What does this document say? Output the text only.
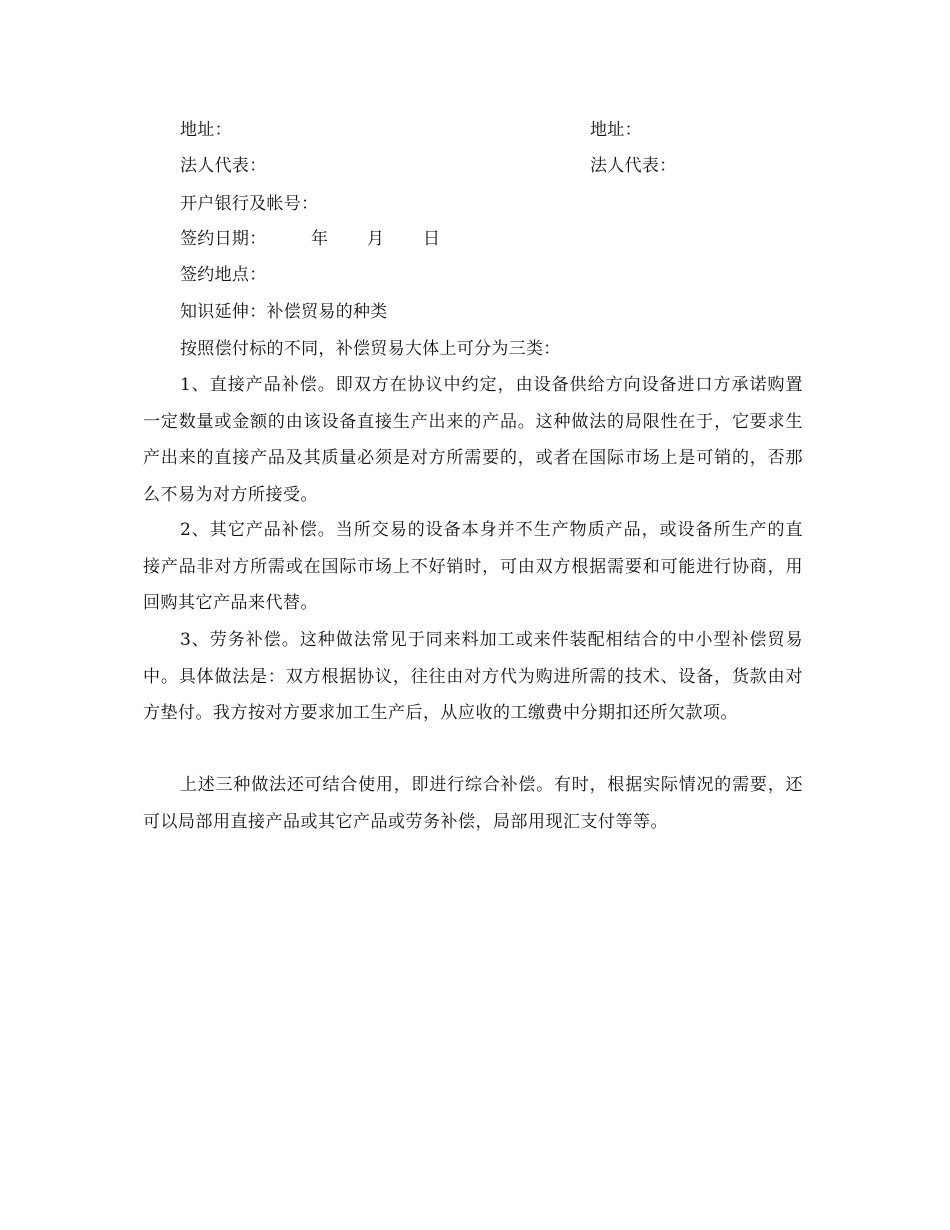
地址：	地址：
法人代表：	法人代表：
开户银行及帐号：
签约日期：	年 月 日
签约地点：
知识延伸：补偿贸易的种类
按照偿付标的不同，补偿贸易大体上可分为三类：
1、直接产品补偿。即双方在协议中约定，由设备供给方向设备进口方承诺购置一定数量或金额的由该设备直接生产出来的产品。这种做法的局限性在于，它要求生产出来的直接产品及其质量必须是对方所需要的，或者在国际市场上是可销的，否那么不易为对方所接受。
2、其它产品补偿。当所交易的设备本身并不生产物质产品，或设备所生产的直接产品非对方所需或在国际市场上不好销时，可由双方根据需要和可能进行协商，用回购其它产品来代替。
3、劳务补偿。这种做法常见于同来料加工或来件装配相结合的中小型补偿贸易中。具体做法是：双方根据协议，往往由对方代为购进所需的技术、设备，货款由对方垫付。我方按对方要求加工生产后，从应收的工缴费中分期扣还所欠款项。
上述三种做法还可结合使用，即进行综合补偿。有时，根据实际情况的需要，还可以局部用直接产品或其它产品或劳务补偿，局部用现汇支付等等。
